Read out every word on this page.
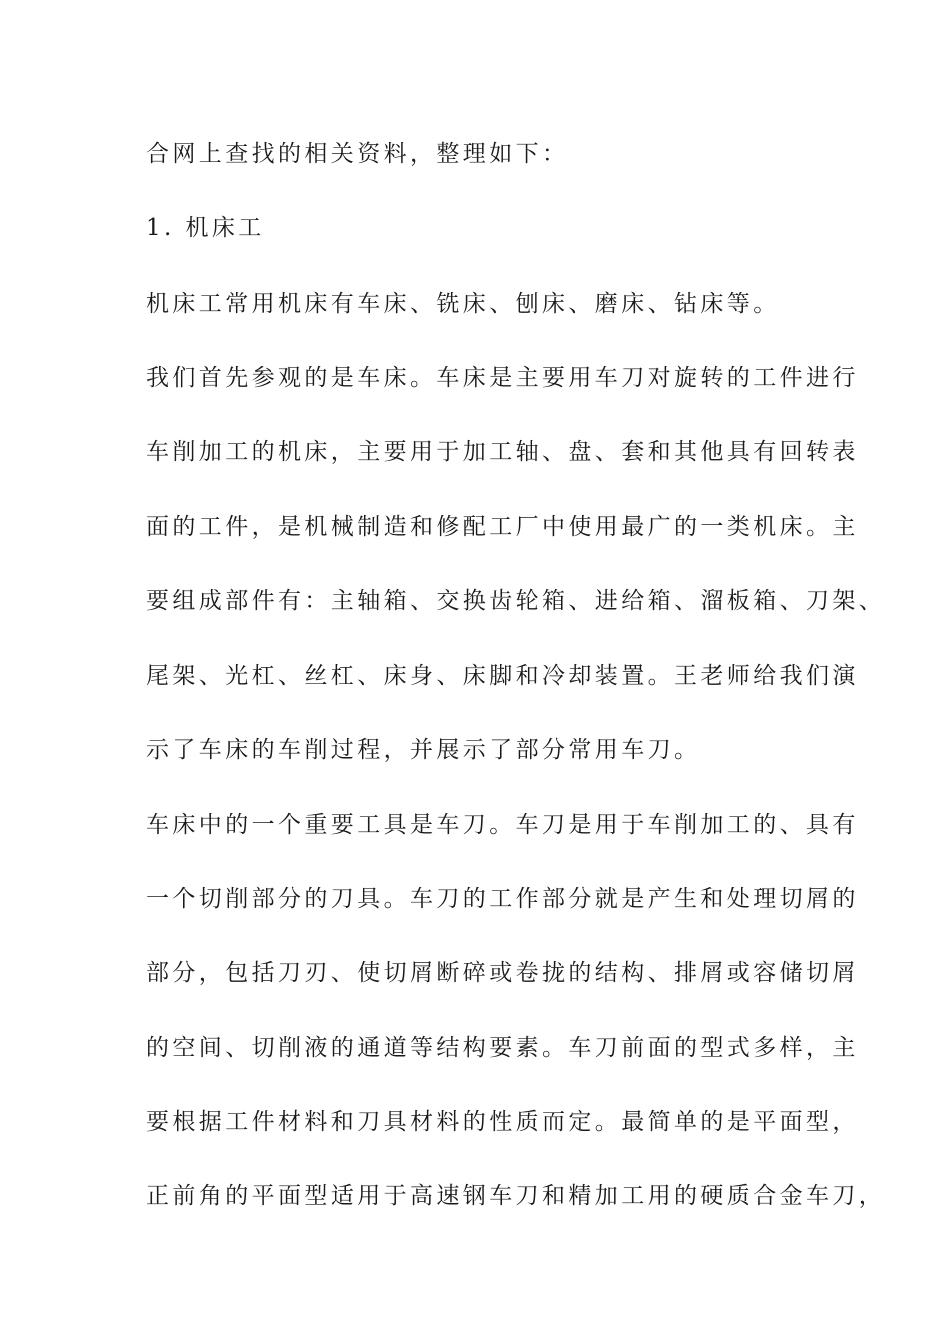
合网上查找的相关资料，整理如下：
1. 机床工
机床工常用机床有车床、铣床、刨床、磨床、钻床等。
我们首先参观的是车床。车床是主要用车刀对旋转的工件进行
车削加工的机床，主要用于加工轴、盘、套和其他具有回转表
面的工件，是机械制造和修配工厂中使用最广的一类机床。主
要组成部件有：主轴箱、交换齿轮箱、进给箱、溜板箱、刀架、
尾架、光杠、丝杠、床身、床脚和冷却装置。王老师给我们演
示了车床的车削过程，并展示了部分常用车刀。
车床中的一个重要工具是车刀。车刀是用于车削加工的、具有
一个切削部分的刀具。车刀的工作部分就是产生和处理切屑的
部分，包括刀刃、使切屑断碎或卷拢的结构、排屑或容储切屑
的空间、切削液的通道等结构要素。车刀前面的型式多样，主
要根据工件材料和刀具材料的性质而定。最简单的是平面型，
正前角的平面型适用于高速钢车刀和精加工用的硬质合金车刀，
